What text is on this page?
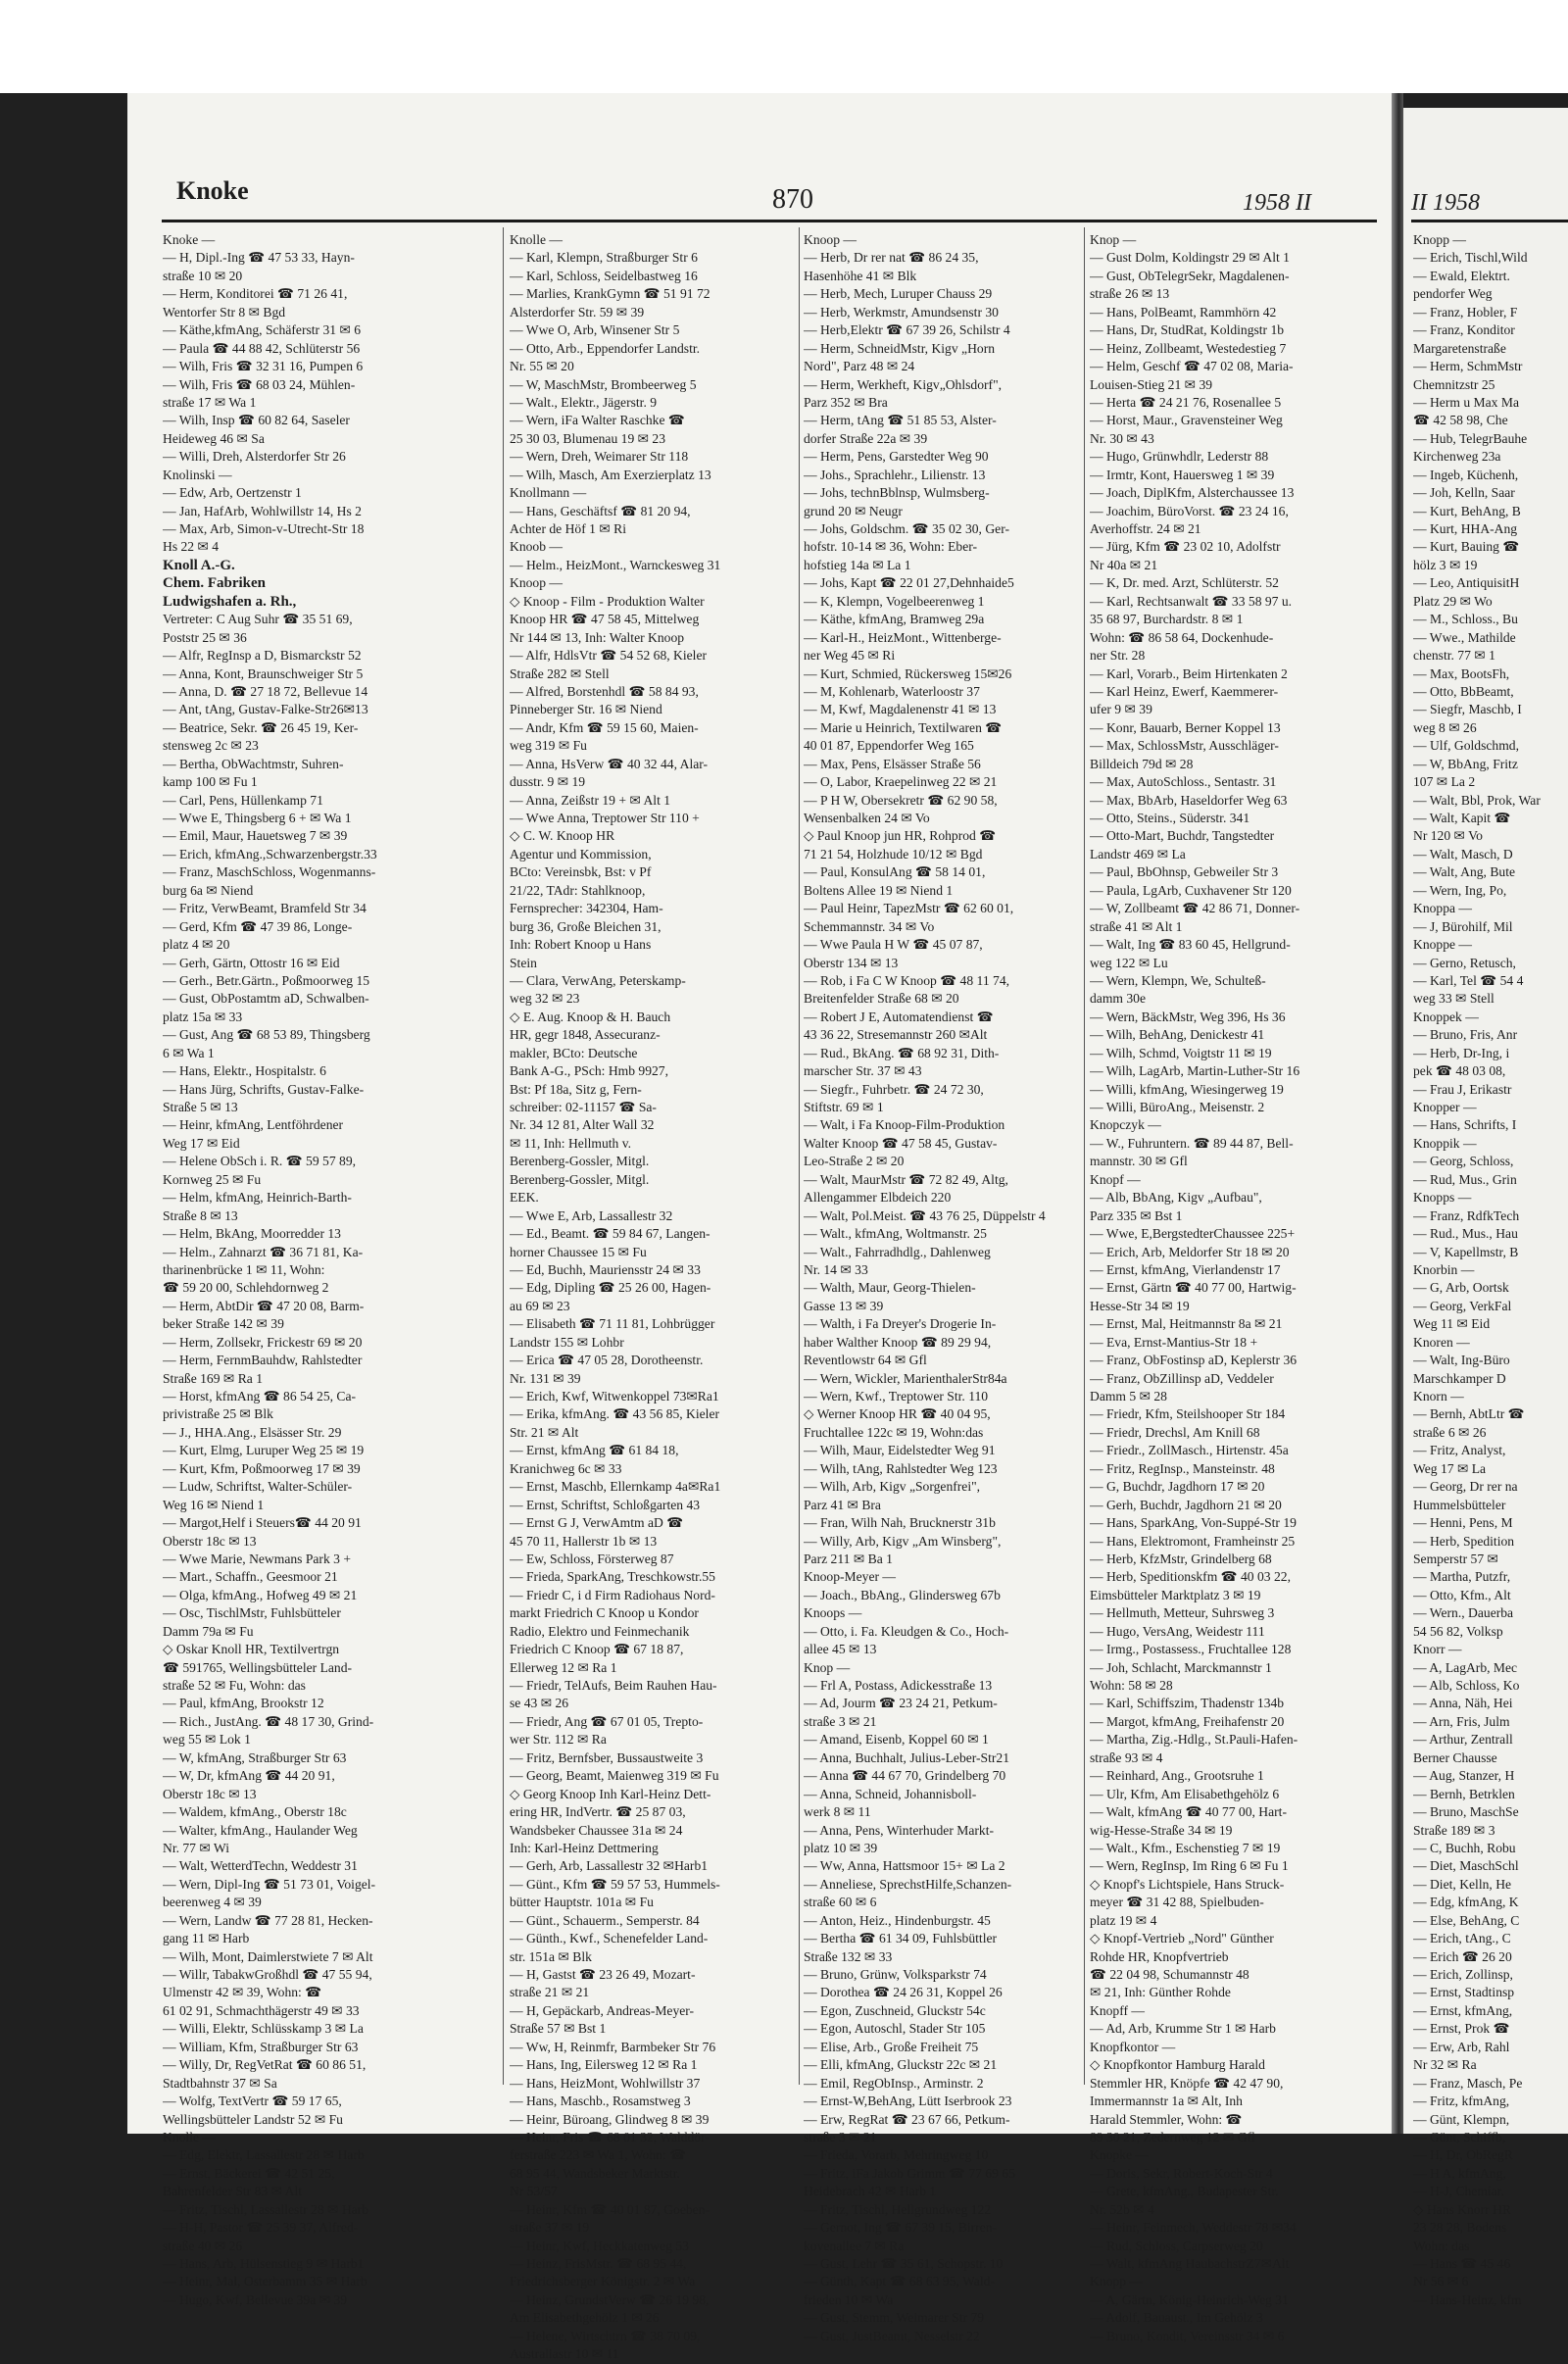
Knoke	870	1958 II	II 1958
Knoke —
— H, Dipl.-Ing ☎ 47 53 33, Hayn-
straße 10 ✉ 20
— Herm, Konditorei ☎ 71 26 41,
Wentorfer Str 8 ✉ Bgd
— Käthe,kfmAng, Schäferstr 31 ✉ 6
— Paula ☎ 44 88 42, Schlüterstr 56
— Wilh, Fris ☎ 32 31 16, Pumpen 6
— Wilh, Fris ☎ 68 03 24, Mühlen-
straße 17 ✉ Wa 1
— Wilh, Insp ☎ 60 82 64, Saseler
Heideweg 46 ✉ Sa
— Willi, Dreh, Alsterdorfer Str 26
Knolinski —
— Edw, Arb, Oertzenstr 1
— Jan, HafArb, Wohlwillstr 14, Hs 2
— Max, Arb, Simon-v-Utrecht-Str 18
Hs 22 ✉ 4
Knoll A.-G.
Chem. Fabriken
Ludwigshafen a. Rh.,
Vertreter: C Aug Suhr ☎ 35 51 69,
Poststr 25 ✉ 36
— Alfr, RegInsp a D, Bismarckstr 52
— Anna, Kont, Braunschweiger Str 5
— Anna, D. ☎ 27 18 72, Bellevue 14
— Ant, tAng, Gustav-Falke-Str26✉13
— Beatrice, Sekr. ☎ 26 45 19, Ker-
stensweg 2c ✉ 23
— Bertha, ObWachtmstr, Suhren-
kamp 100 ✉ Fu 1
— Carl, Pens, Hüllenkamp 71
— Wwe E, Thingsberg 6 + ✉ Wa 1
— Emil, Maur, Hauetsweg 7 ✉ 39
— Erich, kfmAng.,Schwarzenbergstr.33
— Franz, MaschSchloss, Wogenmanns-
burg 6a ✉ Niend
— Fritz, VerwBeamt, Bramfeld Str 34
— Gerd, Kfm ☎ 47 39 86, Longe-
platz 4 ✉ 20
— Gerh, Gärtn, Ottostr 16 ✉ Eid
— Gerh., Betr.Gärtn., Poßmoorweg 15
— Gust, ObPostamtm aD, Schwalben-
platz 15a ✉ 33
— Gust, Ang ☎ 68 53 89, Thingsberg
6 ✉ Wa 1
— Hans, Elektr., Hospitalstr. 6
— Hans Jürg, Schrifts, Gustav-Falke-
Straße 5 ✉ 13
— Heinr, kfmAng, Lentföhrdener
Weg 17 ✉ Eid
— Helene ObSch i. R. ☎ 59 57 89,
Kornweg 25 ✉ Fu
— Helm, kfmAng, Heinrich-Barth-
Straße 8 ✉ 13
— Helm, BkAng, Moorredder 13
— Helm., Zahnarzt ☎ 36 71 81, Ka-
tharinenbrücke 1 ✉ 11, Wohn:
☎ 59 20 00, Schlehdornweg 2
— Herm, AbtDir ☎ 47 20 08, Barm-
beker Straße 142 ✉ 39
— Herm, Zollsekr, Frickestr 69 ✉ 20
— Herm, FernmBauhdw, Rahlstedter
Straße 169 ✉ Ra 1
— Horst, kfmAng ☎ 86 54 25, Ca-
privistraße 25 ✉ Blk
— J., HHA.Ang., Elsässer Str. 29
— Kurt, Elmg, Luruper Weg 25 ✉ 19
— Kurt, Kfm, Poßmoorweg 17 ✉ 39
— Ludw, Schriftst, Walter-Schüler-
Weg 16 ✉ Niend 1
— Margot,Helf i Steuers☎ 44 20 91
Oberstr 18c ✉ 13
— Wwe Marie, Newmans Park 3 +
— Mart., Schaffn., Geesmoor 21
— Olga, kfmAng., Hofweg 49 ✉ 21
— Osc, TischlMstr, Fuhlsbütteler
Damm 79a ✉ Fu
◇ Oskar Knoll HR, Textilvertrgn
☎ 591765, Wellingsbütteler Land-
straße 52 ✉ Fu, Wohn: das
— Paul, kfmAng, Brookstr 12
— Rich., JustAng. ☎ 48 17 30, Grind-
weg 55 ✉ Lok 1
— W, kfmAng, Straßburger Str 63
— W, Dr, kfmAng ☎ 44 20 91,
Oberstr 18c ✉ 13
— Waldem, kfmAng., Oberstr 18c
— Walter, kfmAng., Haulander Weg
Nr. 77 ✉ Wi
— Walt, WetterdTechn, Weddestr 31
— Wern, Dipl-Ing ☎ 51 73 01, Voigel-
beerenweg 4 ✉ 39
— Wern, Landw ☎ 77 28 81, Hecken-
gang 11 ✉ Harb
— Wilh, Mont, Daimlerstwiete 7 ✉ Alt
— Willr, TabakwGroßhdl ☎ 47 55 94,
Ulmenstr 42 ✉ 39, Wohn: ☎
61 02 91, Schmachthägerstr 49 ✉ 33
— Willi, Elektr, Schlüsskamp 3 ✉ La
— William, Kfm, Straßburger Str 63
— Willy, Dr, RegVetRat ☎ 60 86 51,
Stadtbahnstr 37 ✉ Sa
— Wolfg, TextVertr ☎ 59 17 65,
Wellingsbütteler Landstr 52 ✉ Fu
Knolle —
— Edg, Elektr, Lassallestr 28 ✉ Harb
— Ernst, Bäckerei ☎ 42 51 25,
Bahrenfelder Str 83 ✉ Alt
— Fritz, Tischl, Lassallestr 28 ✉ Harb
— H-H, Pastor ☎ 25 39 37, Alfred-
straße 40 ✉ 26
— Hans, Arb, Hülsenstieg 9 ✉ Harb1
— Heinr, Mal, Osterbamm 35 ✉ Harb
— Hugo, Kwf, Bellevue 39a ✉ 39
Knolle —
— Karl, Klempn, Straßburger Str 6
— Karl, Schloss, Seidelbastweg 16
— Marlies, KrankGymn ☎ 51 91 72
Alsterdorfer Str. 59 ✉ 39
— Wwe O, Arb, Winsener Str 5
— Otto, Arb., Eppendorfer Landstr.
Nr. 55 ✉ 20
— W, MaschMstr, Brombeerweg 5
— Walt., Elektr., Jägerstr. 9
— Wern, iFa Walter Raschke ☎
25 30 03, Blumenau 19 ✉ 23
— Wern, Dreh, Weimarer Str 118
— Wilh, Masch, Am Exerzierplatz 13
Knollmann —
— Hans, Geschäftsf ☎ 81 20 94,
Achter de Höf 1 ✉ Ri
Knoob —
— Helm., HeizMont., Warnckesweg 31
Knoop —
◇ Knoop - Film - Produktion Walter
Knoop HR ☎ 47 58 45, Mittelweg
Nr 144 ✉ 13, Inh: Walter Knoop
— Alfr, HdlsVtr ☎ 54 52 68, Kieler
Straße 282 ✉ Stell
— Alfred, Borstenhdl ☎ 58 84 93,
Pinneberger Str. 16 ✉ Niend
— Andr, Kfm ☎ 59 15 60, Maien-
weg 319 ✉ Fu
— Anna, HsVerw ☎ 40 32 44, Alar-
dusstr. 9 ✉ 19
— Anna, Zeißstr 19 + ✉ Alt 1
— Wwe Anna, Treptower Str 110 +
◇ C. W. Knoop HR
Agentur und Kommission,
BCto: Vereinsbk, Bst: v Pf
21/22, TAdr: Stahlknoop,
Fernsprecher: 342304, Ham-
burg 36, Große Bleichen 31,
Inh: Robert Knoop u Hans
Stein
— Clara, VerwAng, Peterskamp-
weg 32 ✉ 23
◇ E. Aug. Knoop & H. Bauch
HR, gegr 1848, Assecuranz-
makler, BCto: Deutsche
Bank A-G., PSch: Hmb 9927,
Bst: Pf 18a, Sitz g, Fern-
schreiber: 02-11157 ☎ Sa-
Nr. 34 12 81, Alter Wall 32
✉ 11, Inh: Hellmuth v.
Berenberg-Gossler, Mitgl.
Berenberg-Gossler, Mitgl.
EEK.
— Wwe E, Arb, Lassallestr 32
— Ed., Beamt. ☎ 59 84 67, Langen-
horner Chaussee 15 ✉ Fu
— Ed, Buchh, Mauriensstr 24 ✉ 33
— Edg, Dipling ☎ 25 26 00, Hagen-
au 69 ✉ 23
— Elisabeth ☎ 71 11 81, Lohbrügger
Landstr 155 ✉ Lohbr
— Erica ☎ 47 05 28, Dorotheenstr.
Nr. 131 ✉ 39
— Erich, Kwf, Witwenkoppel 73✉Ra1
— Erika, kfmAng. ☎ 43 56 85, Kieler
Str. 21 ✉ Alt
— Ernst, kfmAng ☎ 61 84 18,
Kranichweg 6c ✉ 33
— Ernst, Maschb, Ellernkamp 4a✉Ra1
— Ernst, Schriftst, Schloßgarten 43
— Ernst G J, VerwAmtm aD ☎
45 70 11, Hallerstr 1b ✉ 13
— Ew, Schloss, Försterweg 87
— Frieda, SparkAng, Treschkowstr.55
— Friedr C, i d Firm Radiohaus Nord-
markt Friedrich C Knoop u Kondor
Radio, Elektro und Feinmechanik
Friedrich C Knoop ☎ 67 18 87,
Ellerweg 12 ✉ Ra 1
— Friedr, TelAufs, Beim Rauhen Hau-
se 43 ✉ 26
— Friedr, Ang ☎ 67 01 05, Trepto-
wer Str. 112 ✉ Ra
— Fritz, Bernfsber, Bussaustweite 3
— Georg, Beamt, Maienweg 319 ✉ Fu
◇ Georg Knoop Inh Karl-Heinz Dett-
ering HR, IndVertr. ☎ 25 87 03,
Wandsbeker Chaussee 31a ✉ 24
Inh: Karl-Heinz Dettmering
— Gerh, Arb, Lassallestr 32 ✉Harb1
— Günt., Kfm ☎ 59 57 53, Hummels-
bütter Hauptstr. 101a ✉ Fu
— Günt., Schauerm., Semperstr. 84
— Günth., Kwf., Schenefelder Land-
str. 151a ✉ Blk
— H, Gastst ☎ 23 26 49, Mozart-
straße 21 ✉ 21
— H, Gepäckarb, Andreas-Meyer-
Straße 57 ✉ Bst 1
— Ww, H, Reinmfr, Barmbeker Str 76
— Hans, Ing, Eilersweg 12 ✉ Ra 1
— Hans, HeizMont, Wohlwillstr 37
— Hans, Maschb., Rosamstweg 3
— Heinr, Büroang, Glindweg 8 ✉ 39
— Heinr, Fris ☎ 68 01 32, Walddör-
ferstraße 223 ✉ Wa 1, Wohn: ☎
68 95 44, Wandsbeker Marktstr.
Nr 53/57
— Heinr, Kfm ☎ 40 01 87, Goeben-
straße 37 ✉ 19
— Heinr, Kwf, Heckkatenweg 53
— Heinz, FrisMstr. ☎ 68 95 44,
Friedrichsberger Königstr. 2 ✉ Wa
— Heinz, GrundstVerw ☎ 26 19 98,
Am Elisabethgehölz 1 ✉ 26
— Helene, Wirtschtrn ☎ 38 70 09,
Australiastr 10 ✉ 11
Knoop —
— Herb, Dr rer nat ☎ 86 24 35,
Hasenhöhe 41 ✉ Blk
— Herb, Mech, Luruper Chauss 29
— Herb, Werkmstr, Amundsenstr 30
— Herb,Elektr ☎ 67 39 26, Schilstr 4
— Herm, SchneidMstr, Kigv „Horn
Nord", Parz 48 ✉ 24
— Herm, Werkheft, Kigv„Ohlsdorf",
Parz 352 ✉ Bra
— Herm, tAng ☎ 51 85 53, Alster-
dorfer Straße 22a ✉ 39
— Herm, Pens, Garstedter Weg 90
— Johs., Sprachlehr., Lilienstr. 13
— Johs, technBblnsp, Wulmsberg-
grund 20 ✉ Neugr
— Johs, Goldschm. ☎ 35 02 30, Ger-
hofstr. 10-14 ✉ 36, Wohn: Eber-
hofstieg 14a ✉ La 1
— Johs, Kapt ☎ 22 01 27,Dehnhaide5
— K, Klempn, Vogelbeerenweg 1
— Käthe, kfmAng, Bramweg 29a
— Karl-H., HeizMont., Wittenberge-
ner Weg 45 ✉ Ri
— Kurt, Schmied, Rückersweg 15✉26
— M, Kohlenarb, Waterloostr 37
— M, Kwf, Magdalenenstr 41 ✉ 13
— Marie u Heinrich, Textilwaren ☎
40 01 87, Eppendorfer Weg 165
— Max, Pens, Elsässer Straße 56
— O, Labor, Kraepelinweg 22 ✉ 21
— P H W, Obersekretr ☎ 62 90 58,
Wensenbalken 24 ✉ Vo
◇ Paul Knoop jun HR, Rohprod ☎
71 21 54, Holzhude 10/12 ✉ Bgd
— Paul, KonsulAng ☎ 58 14 01,
Boltens Allee 19 ✉ Niend 1
— Paul Heinr, TapezMstr ☎ 62 60 01,
Schemmannstr. 34 ✉ Vo
— Wwe Paula H W ☎ 45 07 87,
Oberstr 134 ✉ 13
— Rob, i Fa C W Knoop ☎ 48 11 74,
Breitenfelder Straße 68 ✉ 20
— Robert J E, Automatendienst ☎
43 36 22, Stresemannstr 260 ✉Alt
— Rud., BkAng. ☎ 68 92 31, Dith-
marscher Str. 37 ✉ 43
— Siegfr., Fuhrbetr. ☎ 24 72 30,
Stiftstr. 69 ✉ 1
— Walt, i Fa Knoop-Film-Produktion
Walter Knoop ☎ 47 58 45, Gustav-
Leo-Straße 2 ✉ 20
— Walt, MaurMstr ☎ 72 82 49, Altg,
Allengammer Elbdeich 220
— Walt, Pol.Meist. ☎ 43 76 25, Düppelstr 4
— Walt., kfmAng, Woltmanstr. 25
— Walt., Fahrradhdlg., Dahlenweg
Nr. 14 ✉ 33
— Walth, Maur, Georg-Thielen-
Gasse 13 ✉ 39
— Walth, i Fa Dreyer's Drogerie In-
haber Walther Knoop ☎ 89 29 94,
Reventlowstr 64 ✉ Gfl
— Wern, Wickler, MarienthalerStr84a
— Wern, Kwf., Treptower Str. 110
◇ Werner Knoop HR ☎ 40 04 95,
Fruchtallee 122c ✉ 19, Wohn:das
— Wilh, Maur, Eidelstedter Weg 91
— Wilh, tAng, Rahlstedter Weg 123
— Wilh, Arb, Kigv „Sorgenfrei",
Parz 41 ✉ Bra
— Fran, Wilh Nah, Brucknerstr 31b
— Willy, Arb, Kigv „Am Winsberg",
Parz 211 ✉ Ba 1
Knoop-Meyer —
— Joach., BbAng., Glindersweg 67b
Knoops —
— Otto, i. Fa. Kleudgen & Co., Hoch-
allee 45 ✉ 13
Knop —
— Frl A, Postass, Adickesstraße 13
— Ad, Jourm ☎ 23 24 21, Petkum-
straße 3 ✉ 21
— Amand, Eisenb, Koppel 60 ✉ 1
— Anna, Buchhalt, Julius-Leber-Str21
— Anna ☎ 44 67 70, Grindelberg 70
— Anna, Schneid, Johannisboll-
werk 8 ✉ 11
— Anna, Pens, Winterhuder Markt-
platz 10 ✉ 39
— Ww, Anna, Hattsmoor 15+ ✉ La 2
— Anneliese, SprechstHilfe,Schanzen-
straße 60 ✉ 6
— Anton, Heiz., Hindenburgstr. 45
— Bertha ☎ 61 34 09, Fuhlsbüttler
Straße 132 ✉ 33
— Bruno, Grünw, Volksparkstr 74
— Dorothea ☎ 24 26 31, Koppel 26
— Egon, Zuschneid, Gluckstr 54c
— Egon, Autoschl, Stader Str 105
— Elise, Arb., Große Freiheit 75
— Elli, kfmAng, Gluckstr 22c ✉ 21
— Emil, RegObInsp., Arminstr. 2
— Ernst-W,BehAng, Lütt Iserbrook 23
— Erw, RegRat ☎ 23 67 66, Petkum-
straße 3 ✉ 21
— Frieda, Vorarb, Mehringweg 10
— Fritz, iFa Jakob Grimm ☎ 77 69 65
Heidebrach 42 ✉ Harb 1
— Fritz, Tischl, Hellgrundweg 122
— Gernot, Ing ☎ 67 39 15, Birren-
kovenallee 7 ✉ Ra
— Gust, Lehr ☎ 35 61, Schopstr. 10
— Günth, Kapt ☎ 68 63 95, Wald-
frieden 10 ✉ Wa
— Gust, Stemm, Weimarer Str 79
— Gust, JustBeamt, Nesselstr 22
Knop —
— Gust Dolm, Koldingstr 29 ✉ Alt 1
— Gust, ObTelegrSekr, Magdalenen-
straße 26 ✉ 13
— Hans, PolBeamt, Rammhörn 42
— Hans, Dr, StudRat, Koldingstr 1b
— Heinz, Zollbeamt, Westedestieg 7
— Helm, Geschf ☎ 47 02 08, Maria-
Louisen-Stieg 21 ✉ 39
— Herta ☎ 24 21 76, Rosenallee 5
— Horst, Maur., Gravensteiner Weg
Nr. 30 ✉ 43
— Hugo, Grünwhdlr, Lederstr 88
— Irmtr, Kont, Hauersweg 1 ✉ 39
— Joach, DiplKfm, Alsterchaussee 13
— Joachim, BüroVorst. ☎ 23 24 16,
Averhoffstr. 24 ✉ 21
— Jürg, Kfm ☎ 23 02 10, Adolfstr
Nr 40a ✉ 21
— K, Dr. med. Arzt, Schlüterstr. 52
— Karl, Rechtsanwalt ☎ 33 58 97 u.
35 68 97, Burchardstr. 8 ✉ 1
Wohn: ☎ 86 58 64, Dockenhude-
ner Str. 28
— Karl, Vorarb., Beim Hirtenkaten 2
— Karl Heinz, Ewerf, Kaemmerer-
ufer 9 ✉ 39
— Konr, Bauarb, Berner Koppel 13
— Max, SchlossMstr, Ausschläger-
Billdeich 79d ✉ 28
— Max, AutoSchloss., Sentastr. 31
— Max, BbArb, Haseldorfer Weg 63
— Otto, Steins., Süderstr. 341
— Otto-Mart, Buchdr, Tangstedter
Landstr 469 ✉ La
— Paul, BbOhnsp, Gebweiler Str 3
— Paula, LgArb, Cuxhavener Str 120
— W, Zollbeamt ☎ 42 86 71, Donner-
straße 41 ✉ Alt 1
— Walt, Ing ☎ 83 60 45, Hellgrund-
weg 122 ✉ Lu
— Wern, Klempn, We, Schulteß-
damm 30e
— Wern, BäckMstr, Weg 396, Hs 36
— Wilh, BehAng, Denickestr 41
— Wilh, Schmd, Voigtstr 11 ✉ 19
— Wilh, LagArb, Martin-Luther-Str 16
— Willi, kfmAng, Wiesingerweg 19
— Willi, BüroAng., Meisenstr. 2
Knopczyk —
— W., Fuhruntern. ☎ 89 44 87, Bell-
mannstr. 30 ✉ Gfl
Knopf —
— Alb, BbAng, Kigv „Aufbau",
Parz 335 ✉ Bst 1
— Wwe, E,BergstedterChaussee 225+
— Erich, Arb, Meldorfer Str 18 ✉ 20
— Ernst, kfmAng, Vierlandenstr 17
— Ernst, Gärtn ☎ 40 77 00, Hartwig-
Hesse-Str 34 ✉ 19
— Ernst, Mal, Heitmannstr 8a ✉ 21
— Eva, Ernst-Mantius-Str 18 +
— Franz, ObFostinsp aD, Keplerstr 36
— Franz, ObZillinsp aD, Veddeler
Damm 5 ✉ 28
— Friedr, Kfm, Steilshooper Str 184
— Friedr, Drechsl, Am Knill 68
— Friedr., ZollMasch., Hirtenstr. 45a
— Fritz, RegInsp., Mansteinstr. 48
— G, Buchdr, Jagdhorn 17 ✉ 20
— Gerh, Buchdr, Jagdhorn 21 ✉ 20
— Hans, SparkAng, Von-Suppé-Str 19
— Hans, Elektromont, Framheinstr 25
— Herb, KfzMstr, Grindelberg 68
— Herb, Speditionskfm ☎ 40 03 22,
Eimsbütteler Marktplatz 3 ✉ 19
— Hellmuth, Metteur, Suhrsweg 3
— Hugo, VersAng, Weidestr 111
— Irmg., Postassess., Fruchtallee 128
— Joh, Schlacht, Marckmannstr 1
Wohn: 58 ✉ 28
— Karl, Schiffszim, Thadenstr 134b
— Margot, kfmAng, Freihafenstr 20
— Martha, Zig.-Hdlg., St.Pauli-Hafen-
straße 93 ✉ 4
— Reinhard, Ang., Grootsruhe 1
— Ulr, Kfm, Am Elisabethgehölz 6
— Walt, kfmAng ☎ 40 77 00, Hart-
wig-Hesse-Straße 34 ✉ 19
— Walt., Kfm., Eschenstieg 7 ✉ 19
— Wern, RegInsp, Im Ring 6 ✉ Fu 1
◇ Knopf's Lichtspiele, Hans Struck-
meyer ☎ 31 42 88, Spielbuden-
platz 19 ✉ 4
◇ Knopf-Vertrieb „Nord" Günther
Rohde HR, Knopfvertrieb
☎ 22 04 98, Schumannstr 48
✉ 21, Inh: Günther Rohde
Knopff —
— Ad, Arb, Krumme Str 1 ✉ Harb
Knopfkontor —
◇ Knopfkontor Hamburg Harald
Stemmler HR, Knöpfe ☎ 42 47 90,
Immermannstr 1a ✉ Alt, Inh
Harald Stemmler, Wohn: ☎
89 30 21, Zedernweg 12 ✉ Gfl
Knopke —
— Doris, Sekr, Robert-Koch-Str 4
— Grete, kfmAng., Budapester Str.
Nr. 52b ✉ 4
— Heinr, Feinmech, Weddestr 78 ✉34
— Rud, Schloss, Carpserweg 20
— Walt, kfmAng HaubachstrZ7✉Alt
Knopp —
— A, Gärtn, König-Heinrich-Weg 31
— Adolf, Bauaust., Im Gehölz 3
— Bruno, Kondit, Vereinsstr 34 ✉ 6
Knopp —
— Erich, Tischl,Wild
— Ewald, Elektrt.
pendorfer Weg
— Franz, Hobler, F
— Franz, Konditor
Margaretenstraße
— Herm, SchmMstr
Chemnitzstr 25
— Herm u Max Ma
☎ 42 58 98, Che
— Hub, TelegrBauhe
Kirchenweg 23a
— Ingeb, Küchenh,
— Joh, Kelln, Saar
— Kurt, BehAng, B
— Kurt, HHA-Ang
— Kurt, Bauing ☎
hölz 3 ✉ 19
— Leo, AntiquisitH
Platz 29 ✉ Wo
— M., Schloss., Bu
— Wwe., Mathilde
chenstr. 77 ✉ 1
— Max, BootsFh,
— Otto, BbBeamt,
— Siegfr, Maschb, I
weg 8 ✉ 26
— Ulf, Goldschmd,
— W, BbAng, Fritz
107 ✉ La 2
— Walt, Bbl, Prok, War
— Walt, Kapit ☎
Nr 120 ✉ Vo
— Walt, Masch, D
— Walt, Ang, Bute
— Wern, Ing, Po,
Knoppa —
— J, Bürohilf, Mil
Knoppe —
— Gerno, Retusch,
— Karl, Tel ☎ 54 4
weg 33 ✉ Stell
Knoppek —
— Bruno, Fris, Anr
— Herb, Dr-Ing, i
pek ☎ 48 03 08,
— Frau J, Erikastr
Knopper —
— Hans, Schrifts, I
Knoppik —
— Georg, Schloss,
— Rud, Mus., Grin
Knopps —
— Franz, RdfkTech
— Rud., Mus., Hau
— V, Kapellmstr, B
Knorbin —
— G, Arb, Oortsk
— Georg, VerkFal
Weg 11 ✉ Eid
Knoren —
— Walt, Ing-Büro
Marschkamper D
Knorn —
— Bernh, AbtLtr ☎
straße 6 ✉ 26
— Fritz, Analyst,
Weg 17 ✉ La
— Georg, Dr rer na
Hummelsbütteler
— Henni, Pens, M
— Herb, Spedition
Semperstr 57 ✉
— Martha, Putzfr,
— Otto, Kfm., Alt
— Wern., Dauerba
54 56 82, Volksp
Knorr —
— A, LagArb, Mec
— Alb, Schloss, Ko
— Anna, Näh, Hei
— Arn, Fris, Julm
— Arthur, Zentrall
Berner Chausse
— Aug, Stanzer, H
— Bernh, Betrklen
— Bruno, MaschSe
Straße 189 ✉ 3
— C, Buchh, Robu
— Diet, MaschSchl
— Diet, Kelln, He
— Edg, kfmAng, K
— Else, BehAng, C
— Erich, tAng., C
— Erich ☎ 26 20
— Erich, Zollinsp,
— Ernst, Stadtinsp
— Ernst, kfmAng,
— Ernst, Prok ☎
— Erw, Arb, Rahl
Nr 32 ✉ Ra
— Franz, Masch, Pe
— Fritz, kfmAng,
— Günt, Klempn,
— Günt, Schiffb,
— H, Dr, ObRegR
— H A, kfmAng,
— H-J, Chemiar.
◇ Hans Knorr HR
23 28 28, Bodens
Wohn: das
— Hans ☎ 45 46
Nr 56 ✉ 6
— Hans-Heinz, kfm
